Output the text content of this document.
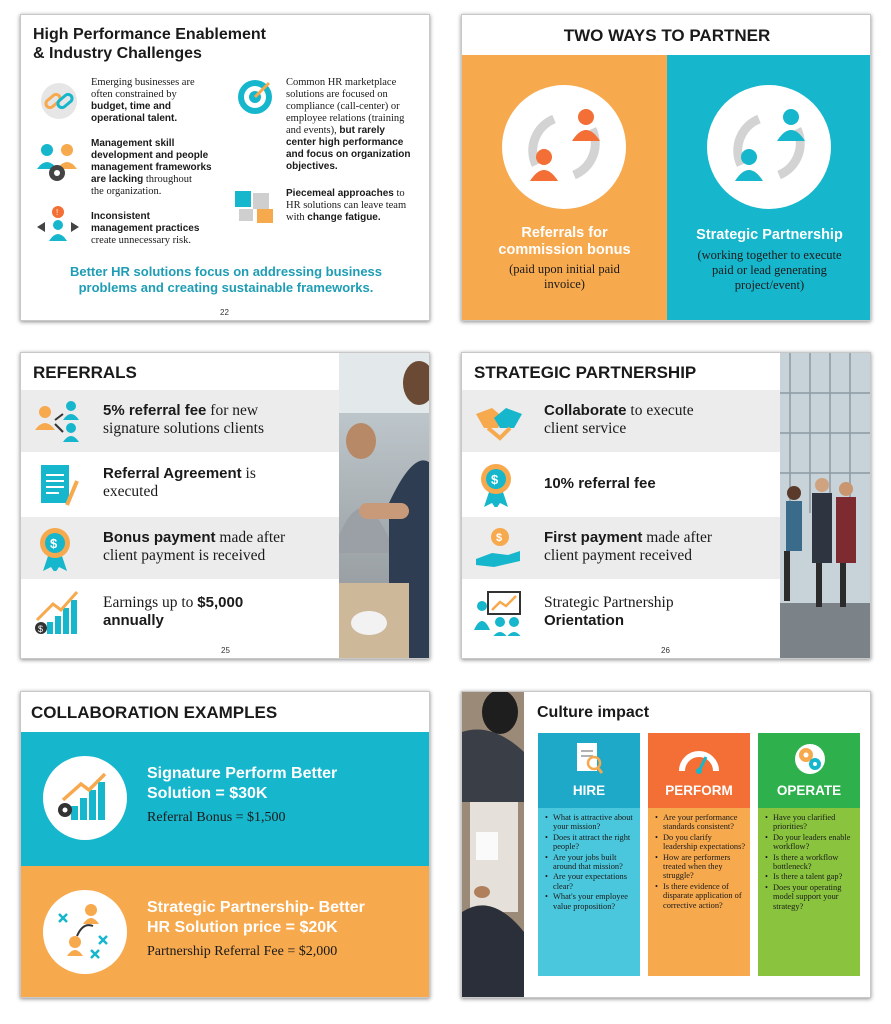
High Performance Enablement
& Industry Challenges
Emerging businesses are
often constrained by
budget, time and
operational talent.
Management skill
development and people
management frameworks
are lacking throughout
the organization.
!	Inconsistent
management practices
create unnecessary risk.
Common HR marketplace
solutions are focused on
compliance (call-center) or
employee relations (training
and events), but rarely
center high performance
and focus on organization
objectives.
Piecemeal approaches to
HR solutions can leave team
with change fatigue.
Better HR solutions focus on addressing business
problems and creating sustainable frameworks.
22
TWO WAYS TO PARTNER
Referrals for
commission bonus
(paid upon initial paid
invoice)
Strategic Partnership
(working together to execute
paid or lead generating
project/event)
REFERRALS
5% referral fee for new
signature solutions clients
Referral Agreement is
executed
$	Bonus payment made after
client payment is received
$
Earnings up to $5,000
annually
25
STRATEGIC PARTNERSHIP
Collaborate to execute
client service
$	10% referral fee
$	First payment made after
client payment received
Strategic Partnership
Orientation
26
COLLABORATION EXAMPLES
Signature Perform Better
Solution = $30K
Referral Bonus = $1,500
Strategic Partnership- Better
HR Solution price = $20K
Partnership Referral Fee = $2,000
Culture impact
HIRE
• What is attractive about your mission?
• Does it attract the right people?
• Are your jobs built around that mission?
• Are your expectations clear?
• What's your employee value proposition?
PERFORM
• Are your performance standards consistent?
• Do you clarify leadership expectations?
• How are performers treated when they struggle?
• Is there evidence of disparate application of corrective action?
OPERATE
• Have you clarified priorities?
• Do your leaders enable workflow?
• Is there a workflow bottleneck?
• Is there a talent gap?
• Does your operating model support your strategy?
